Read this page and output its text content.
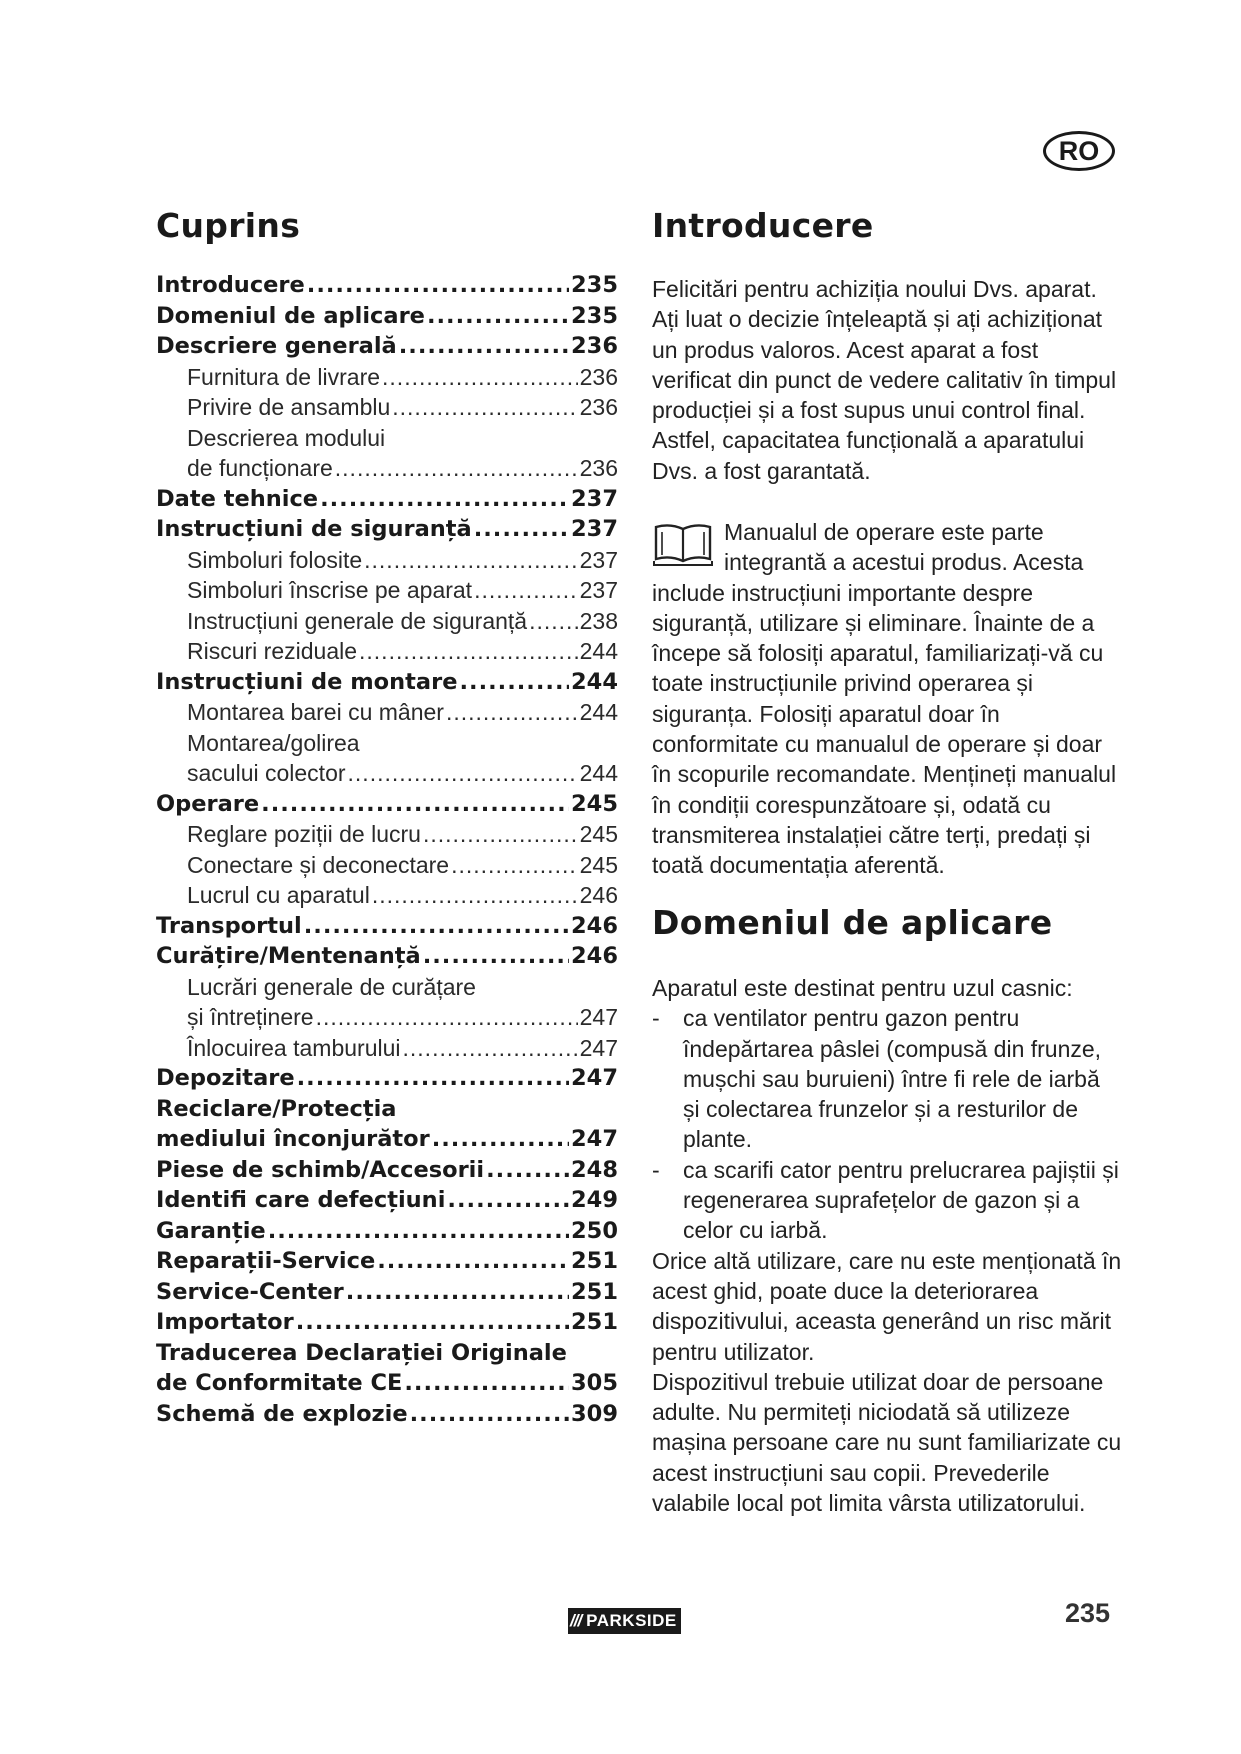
RO
Cuprins
Introducere .....	235
Domeniul de aplicare .....	235
Descriere generală .....	236
Furnitura de livrare .....	236
Privire de ansamblu .....	236
Descrierea modului
de funcționare .....	236
Date tehnice .....	237
Instrucțiuni de siguranță .....	237
Simboluri folosite .....	237
Simboluri înscrise pe aparat .....	237
Instrucțiuni generale de siguranță ..... 238
Riscuri reziduale .....	244
Instrucțiuni de montare .....	244
Montarea barei cu mâner .....	244
Montarea/golirea
sacului colector .....	244
Operare .....	245
Reglare poziții de lucru .....	245
Conectare și deconectare .....	245
Lucrul cu aparatul .....	246
Transportul .....	246
Curățire/Mentenanță .....	246
Lucrări generale de curățare
și întreținere .....	247
Înlocuirea tamburului .....	247
Depozitare .....	247
Reciclare/Protecția
mediului înconjurător .....	247
Piese de schimb/Accesorii .....	248
Identifi care defecțiuni .....	249
Garanție .....	250
Reparații-Service .....	251
Service-Center .....	251
Importator .....	251
Traducerea Declarației Originale
de Conformitate CE .....	305
Schemă de explozie .....	309
Introducere

Felicitări pentru achiziția noului Dvs. aparat. Ați luat o decizie înțeleaptă și ați achiziționat un produs valoros. Acest aparat a fost verificat din punct de vedere calitativ în timpul producției și a fost supus unui control final. Astfel, capacitatea funcțională a aparatului Dvs. a fost garantată.

Manualul de operare este parte integrantă a acestui produs. Acesta include instrucțiuni importante despre siguranță, utilizare și eliminare. Înainte de a începe să folosiți aparatul, familiarizați-vă cu toate instrucțiunile privind operarea și siguranța. Folosiți aparatul doar în conformitate cu manualul de operare și doar în scopurile recomandate. Mențineți manualul în condiții corespunzătoare și, odată cu transmiterea instalației către terți, predați și toată documentația aferentă.

Domeniul de aplicare

Aparatul este destinat pentru uzul casnic:

- ca ventilator pentru gazon pentru îndepărtarea pâslei (compusă din frunze, mușchi sau buruieni) între fi rele de iarbă și colectarea frunzelor și a resturilor de plante.

- ca scarifi cator pentru prelucrarea pajiștii și regenerarea suprafețelor de gazon și a celor cu iarbă.

Orice altă utilizare, care nu este menționată în acest ghid, poate duce la deteriorarea dispozitivului, aceasta generând un risc mărit pentru utilizator.

Dispozitivul trebuie utilizat doar de persoane adulte. Nu permiteți niciodată să utilizeze mașina persoane care nu sunt familiarizate cu acest instrucțiuni sau copii. Prevederile valabile local pot limita vârsta utilizatorului.

/// PARKSIDE	235
